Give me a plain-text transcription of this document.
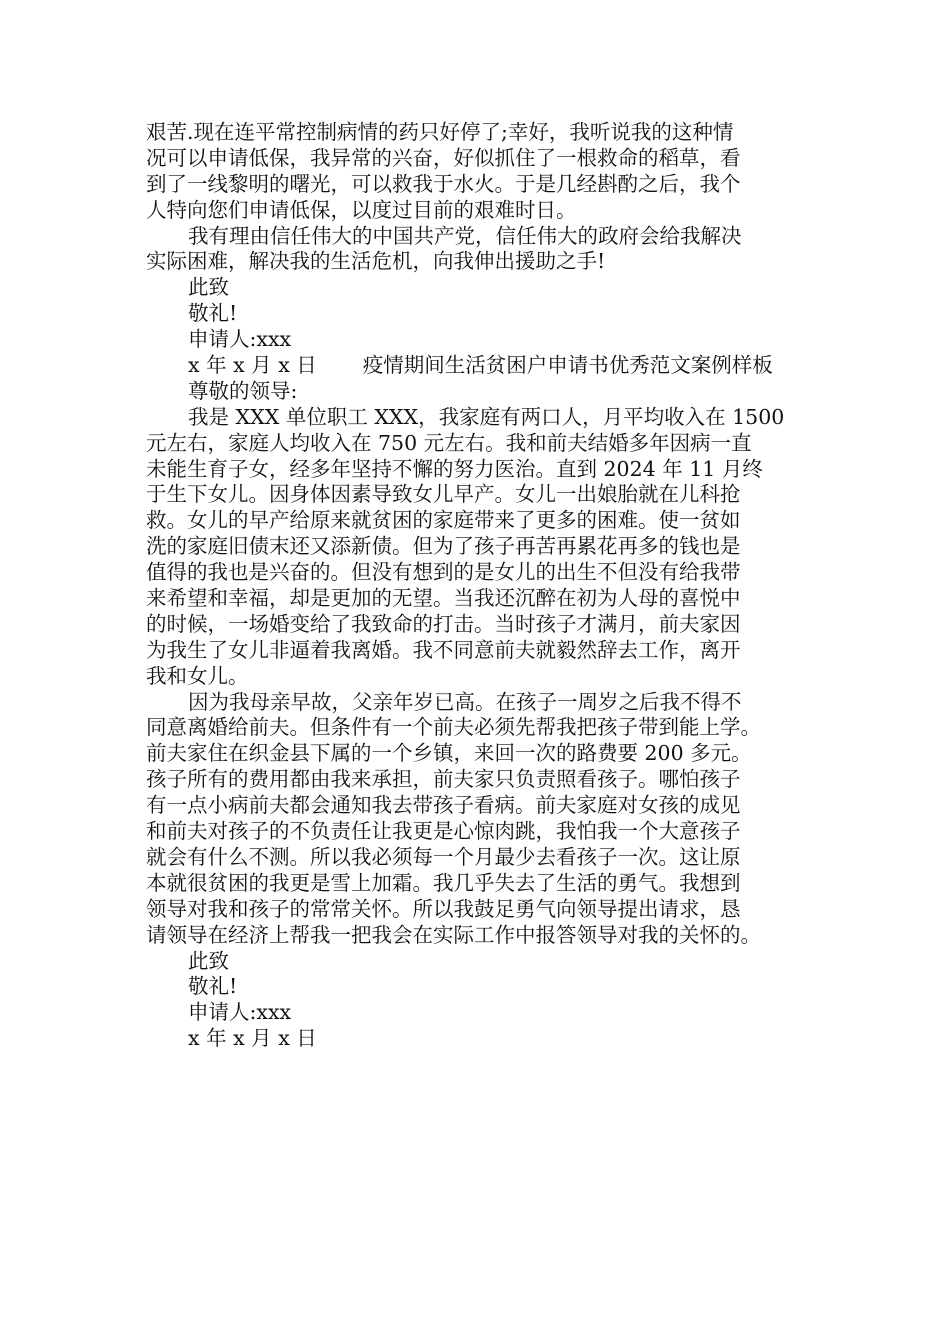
艰苦.现在连平常控制病情的药只好停了;幸好，我听说我的这种情
况可以申请低保，我异常的兴奋，好似抓住了一根救命的稻草，看
到了一线黎明的曙光，可以救我于水火。于是几经斟酌之后，我个
人特向您们申请低保，以度过目前的艰难时日。
我有理由信任伟大的中国共产党，信任伟大的政府会给我解决
实际困难，解决我的生活危机，向我伸出援助之手!
此致
敬礼!
申请人:xxx
x 年 x 月 x 日 疫情期间生活贫困户申请书优秀范文案例样板
尊敬的领导:
我是 XXX 单位职工 XXX，我家庭有两口人，月平均收入在 1500
元左右，家庭人均收入在 750 元左右。我和前夫结婚多年因病一直
未能生育子女，经多年坚持不懈的努力医治。直到 2024 年 11 月终
于生下女儿。因身体因素导致女儿早产。女儿一出娘胎就在儿科抢
救。女儿的早产给原来就贫困的家庭带来了更多的困难。使一贫如
洗的家庭旧债末还又添新债。但为了孩子再苦再累花再多的钱也是
值得的我也是兴奋的。但没有想到的是女儿的出生不但没有给我带
来希望和幸福，却是更加的无望。当我还沉醉在初为人母的喜悦中
的时候，一场婚变给了我致命的打击。当时孩子才满月，前夫家因
为我生了女儿非逼着我离婚。我不同意前夫就毅然辞去工作，离开
我和女儿。
因为我母亲早故，父亲年岁已高。在孩子一周岁之后我不得不
同意离婚给前夫。但条件有一个前夫必须先帮我把孩子带到能上学。
前夫家住在织金县下属的一个乡镇，来回一次的路费要 200 多元。
孩子所有的费用都由我来承担，前夫家只负责照看孩子。哪怕孩子
有一点小病前夫都会通知我去带孩子看病。前夫家庭对女孩的成见
和前夫对孩子的不负责任让我更是心惊肉跳，我怕我一个大意孩子
就会有什么不测。所以我必须每一个月最少去看孩子一次。这让原
本就很贫困的我更是雪上加霜。我几乎失去了生活的勇气。我想到
领导对我和孩子的常常关怀。所以我鼓足勇气向领导提出请求，恳
请领导在经济上帮我一把我会在实际工作中报答领导对我的关怀的。
此致
敬礼!
申请人:xxx
x 年 x 月 x 日
